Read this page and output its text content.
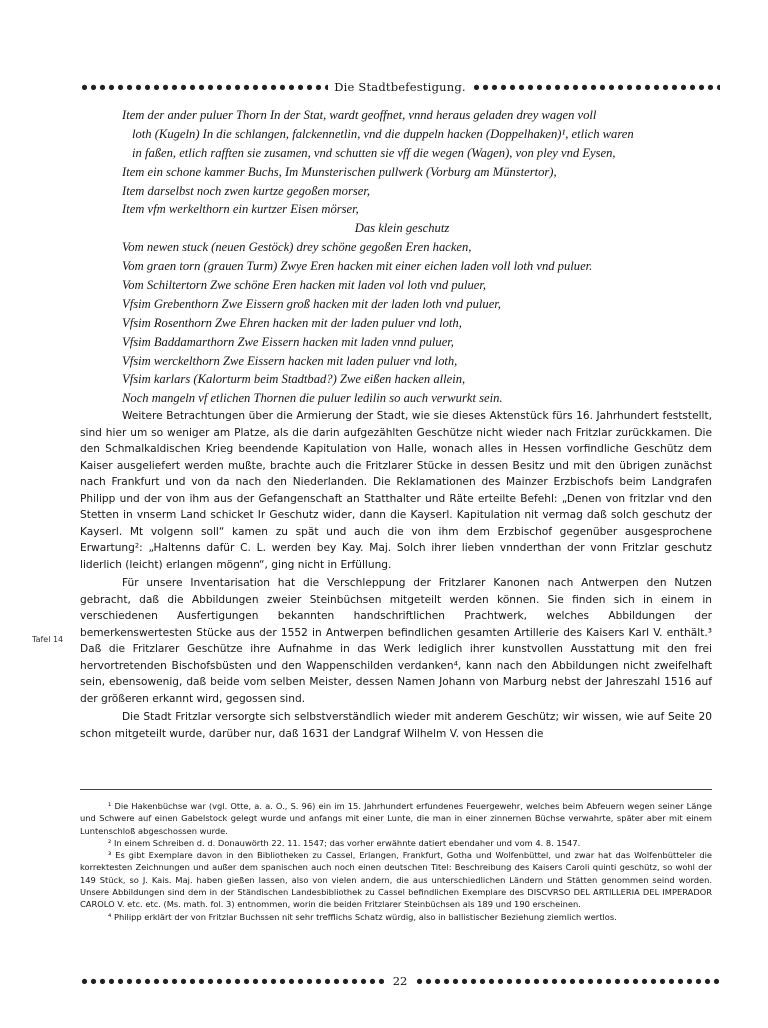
Die Stadtbefestigung.
Item der ander puluer Thorn In der Stat, wardt geoffnet, vnnd heraus geladen drey wagen voll
loth (Kugeln) In die schlangen, falckennetlin, vnd die duppeln hacken (Doppelhaken)¹, etlich waren
in faßen, etlich rafften sie zusamen, vnd schutten sie vff die wegen (Wagen), von pley vnd Eysen,
Item ein schone kammer Buchs, Im Munsterischen pullwerk (Vorburg am Münstertor),
Item darselbst noch zwen kurtze gegoßen morser,
Item vfm werkelthorn ein kurtzer Eisen mörser,
Das klein geschutz
Vom newen stuck (neuen Gestöck) drey schöne gegoßen Eren hacken,
Vom graen torn (grauen Turm) Zwye Eren hacken mit einer eichen laden voll loth vnd puluer.
Vom Schiltertorn Zwe schöne Eren hacken mit laden vol loth vnd puluer,
Vfsim Grebenthorn Zwe Eissern groß hacken mit der laden loth vnd puluer,
Vfsim Rosenthorn Zwe Ehren hacken mit der laden puluer vnd loth,
Vfsim Baddamarthorn Zwe Eissern hacken mit laden vnnd puluer,
Vfsim werckelthorn Zwe Eissern hacken mit laden puluer vnd loth,
Vfsim karlars (Kalorturm beim Stadtbad?) Zwe eißen hacken allein,
Noch mangeln vf etlichen Thornen die puluer ledilin so auch verwurkt sein.

Weitere Betrachtungen über die Armierung der Stadt, wie sie dieses Aktenstück fürs 16. Jahrhundert feststellt, sind hier um so weniger am Platze, als die darin aufgezählten Geschütze nicht wieder nach Fritzlar zurückkamen. Die den Schmalkaldischen Krieg beendende Kapitulation von Halle, wonach alles in Hessen vorfindliche Geschütz dem Kaiser ausgeliefert werden mußte, brachte auch die Fritzlarer Stücke in dessen Besitz und mit den übrigen zunächst nach Frankfurt und von da nach den Niederlanden. Die Reklamationen des Mainzer Erzbischofs beim Landgrafen Philipp und der von ihm aus der Gefangenschaft an Statthalter und Räte erteilte Befehl: „Denen von fritzlar vnd den Stetten in vnserm Land schicket Ir Geschutz wider, dann die Kayserl. Kapitulation nit vermag daß solch geschutz der Kayserl. Mt volgenn soll“ kamen zu spät und auch die von ihm dem Erzbischof gegenüber ausgesprochene Erwartung²: „Haltenns dafür C. L. werden bey Kay. Maj. Solch ihrer lieben vnnderthan der vonn Fritzlar geschutz liderlich (leicht) erlangen mögenn“, ging nicht in Erfüllung.

Für unsere Inventarisation hat die Verschleppung der Fritzlarer Kanonen nach Antwerpen den Nutzen gebracht, daß die Abbildungen zweier Steinbüchsen mitgeteilt werden können. Sie finden sich in einem in verschiedenen Ausfertigungen bekannten handschriftlichen Prachtwerk, welches Abbildungen der bemerkenswertesten Stücke aus der 1552 in Antwerpen befindlichen gesamten Artillerie des Kaisers Karl V. enthält.³ Daß die Fritzlarer Geschütze ihre Aufnahme in das Werk lediglich ihrer kunstvollen Ausstattung mit den frei hervortretenden Bischofsbüsten und den Wappenschilden verdanken⁴, kann nach den Abbildungen nicht zweifelhaft sein, ebensowenig, daß beide vom selben Meister, dessen Namen Johann von Marburg nebst der Jahreszahl 1516 auf der größeren erkannt wird, gegossen sind.

Die Stadt Fritzlar versorgte sich selbstverständlich wieder mit anderem Geschütz; wir wissen, wie auf Seite 20 schon mitgeteilt wurde, darüber nur, daß 1631 der Landgraf Wilhelm V. von Hessen die

Tafel 14

¹ Die Hakenbüchse war (vgl. Otte, a. a. O., S. 96) ein im 15. Jahrhundert erfundenes Feuergewehr, welches beim Abfeuern wegen seiner Länge und Schwere auf einen Gabelstock gelegt wurde und anfangs mit einer Lunte, die man in einer zinnernen Büchse verwahrte, später aber mit einem Luntenschloß abgeschossen wurde.

² In einem Schreiben d. d. Donauwörth 22. 11. 1547; das vorher erwähnte datiert ebendaher und vom 4. 8. 1547.

³ Es gibt Exemplare davon in den Bibliotheken zu Cassel, Erlangen, Frankfurt, Gotha und Wolfenbüttel, und zwar hat das Wolfenbütteler die korrektesten Zeichnungen und außer dem spanischen auch noch einen deutschen Titel: Beschreibung des Kaisers Caroli quinti geschütz, so wohl der 149 Stück, so J. Kais. Maj. haben gießen lassen, also von vielen andern, die aus unterschiedlichen Ländern und Stätten genommen seind worden. Unsere Abbildungen sind dem in der Ständischen Landesbibliothek zu Cassel befindlichen Exemplare des DISCVRSO DEL ARTILLERIA DEL IMPERADOR CAROLO V. etc. etc. (Ms. math. fol. 3) entnommen, worin die beiden Fritzlarer Steinbüchsen als 189 und 190 erscheinen.

⁴ Philipp erklärt der von Fritzlar Buchssen nit sehr trefflichs Schatz würdig, also in ballistischer Beziehung ziemlich wertlos.

22
